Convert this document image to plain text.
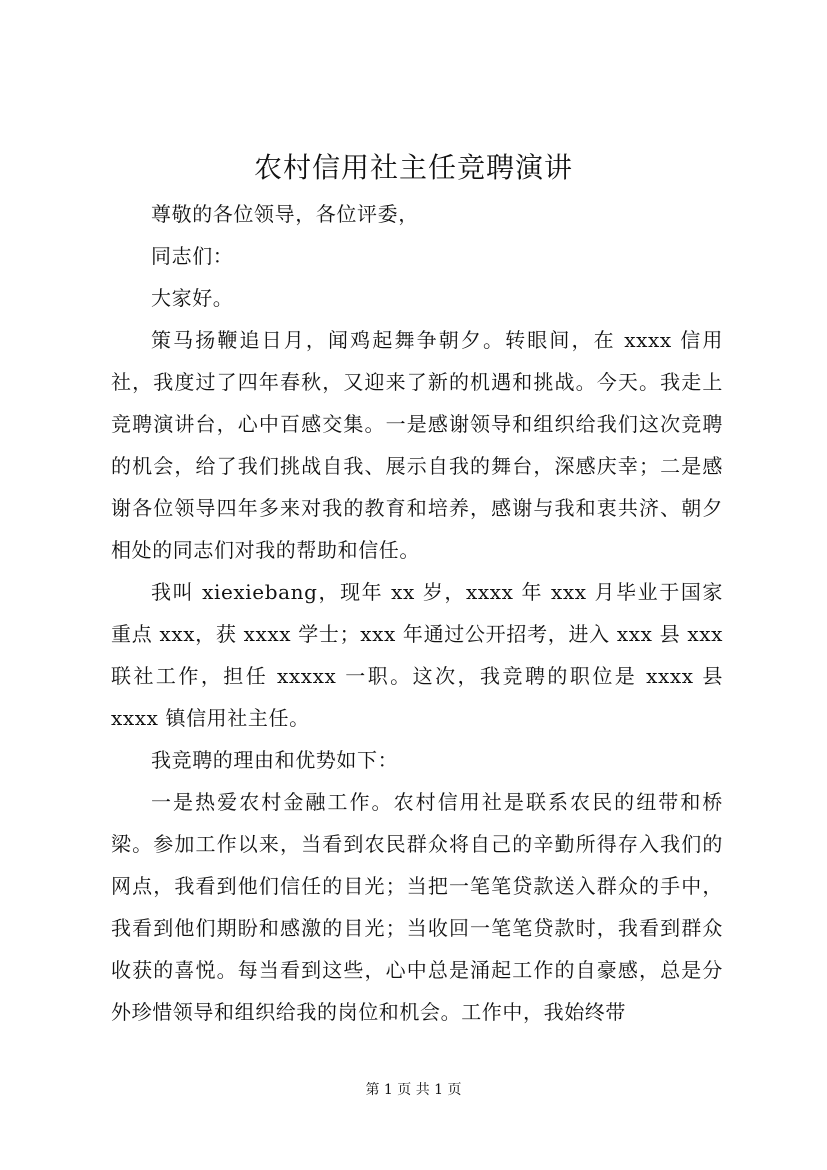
农村信用社主任竞聘演讲

尊敬的各位领导，各位评委，

同志们：

大家好。

策马扬鞭追日月，闻鸡起舞争朝夕。转眼间，在 xxxx 信用社，我度过了四年春秋，又迎来了新的机遇和挑战。今天。我走上竞聘演讲台，心中百感交集。一是感谢领导和组织给我们这次竞聘的机会，给了我们挑战自我、展示自我的舞台，深感庆幸；二是感谢各位领导四年多来对我的教育和培养，感谢与我和衷共济、朝夕相处的同志们对我的帮助和信任。

我叫 xiexiebang，现年 xx 岁，xxxx 年 xxx 月毕业于国家重点 xxx，获 xxxx 学士；xxx 年通过公开招考，进入 xxx 县 xxx 联社工作，担任 xxxxx 一职。这次，我竞聘的职位是 xxxx 县 xxxx 镇信用社主任。

我竞聘的理由和优势如下：

一是热爱农村金融工作。农村信用社是联系农民的纽带和桥梁。参加工作以来，当看到农民群众将自己的辛勤所得存入我们的网点，我看到他们信任的目光；当把一笔笔贷款送入群众的手中，我看到他们期盼和感激的目光；当收回一笔笔贷款时，我看到群众收获的喜悦。每当看到这些，心中总是涌起工作的自豪感，总是分外珍惜领导和组织给我的岗位和机会。工作中，我始终带

第 1 页 共 1 页
